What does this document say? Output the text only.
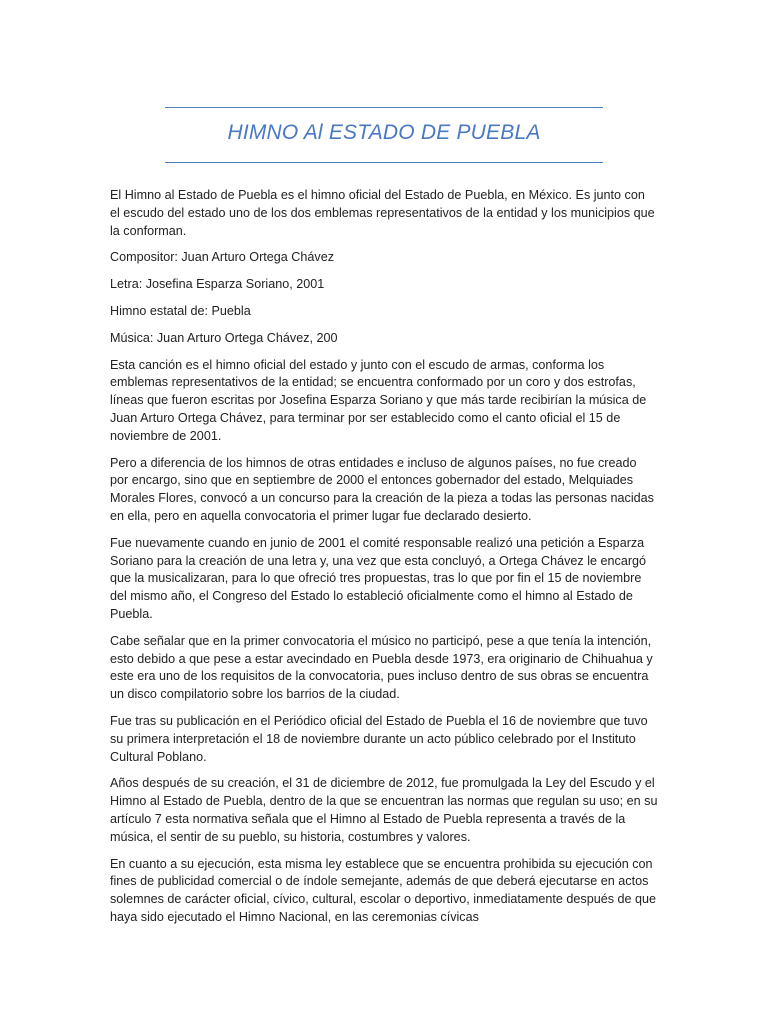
HIMNO Al ESTADO DE PUEBLA

El Himno al Estado de Puebla es el himno oficial del Estado de Puebla, en México. Es junto con el escudo del estado uno de los dos emblemas representativos de la entidad y los municipios que la conforman.

Compositor: Juan Arturo Ortega Chávez

Letra: Josefina Esparza Soriano, 2001

Himno estatal de: Puebla

Música: Juan Arturo Ortega Chávez, 200

Esta canción es el himno oficial del estado y junto con el escudo de armas, conforma los emblemas representativos de la entidad; se encuentra conformado por un coro y dos estrofas, líneas que fueron escritas por Josefina Esparza Soriano y que más tarde recibirían la música de Juan Arturo Ortega Chávez, para terminar por ser establecido como el canto oficial el 15 de noviembre de 2001.

Pero a diferencia de los himnos de otras entidades e incluso de algunos países, no fue creado por encargo, sino que en septiembre de 2000 el entonces gobernador del estado, Melquiades Morales Flores, convocó a un concurso para la creación de la pieza a todas las personas nacidas en ella, pero en aquella convocatoria el primer lugar fue declarado desierto.

Fue nuevamente cuando en junio de 2001 el comité responsable realizó una petición a Esparza Soriano para la creación de una letra y, una vez que esta concluyó, a Ortega Chávez le encargó que la musicalizaran, para lo que ofreció tres propuestas, tras lo que por fin el 15 de noviembre del mismo año, el Congreso del Estado lo estableció oficialmente como el himno al Estado de Puebla.

Cabe señalar que en la primer convocatoria el músico no participó, pese a que tenía la intención, esto debido a que pese a estar avecindado en Puebla desde 1973, era originario de Chihuahua y este era uno de los requisitos de la convocatoria, pues incluso dentro de sus obras se encuentra un disco compilatorio sobre los barrios de la ciudad.

Fue tras su publicación en el Periódico oficial del Estado de Puebla el 16 de noviembre que tuvo su primera interpretación el 18 de noviembre durante un acto público celebrado por el Instituto Cultural Poblano.

Años después de su creación, el 31 de diciembre de 2012, fue promulgada la Ley del Escudo y el Himno al Estado de Puebla, dentro de la que se encuentran las normas que regulan su uso; en su artículo 7 esta normativa señala que el Himno al Estado de Puebla representa a través de la música, el sentir de su pueblo, su historia, costumbres y valores.

En cuanto a su ejecución, esta misma ley establece que se encuentra prohibida su ejecución con fines de publicidad comercial o de índole semejante, además de que deberá ejecutarse en actos solemnes de carácter oficial, cívico, cultural, escolar o deportivo, inmediatamente después de que haya sido ejecutado el Himno Nacional, en las ceremonias cívicas
